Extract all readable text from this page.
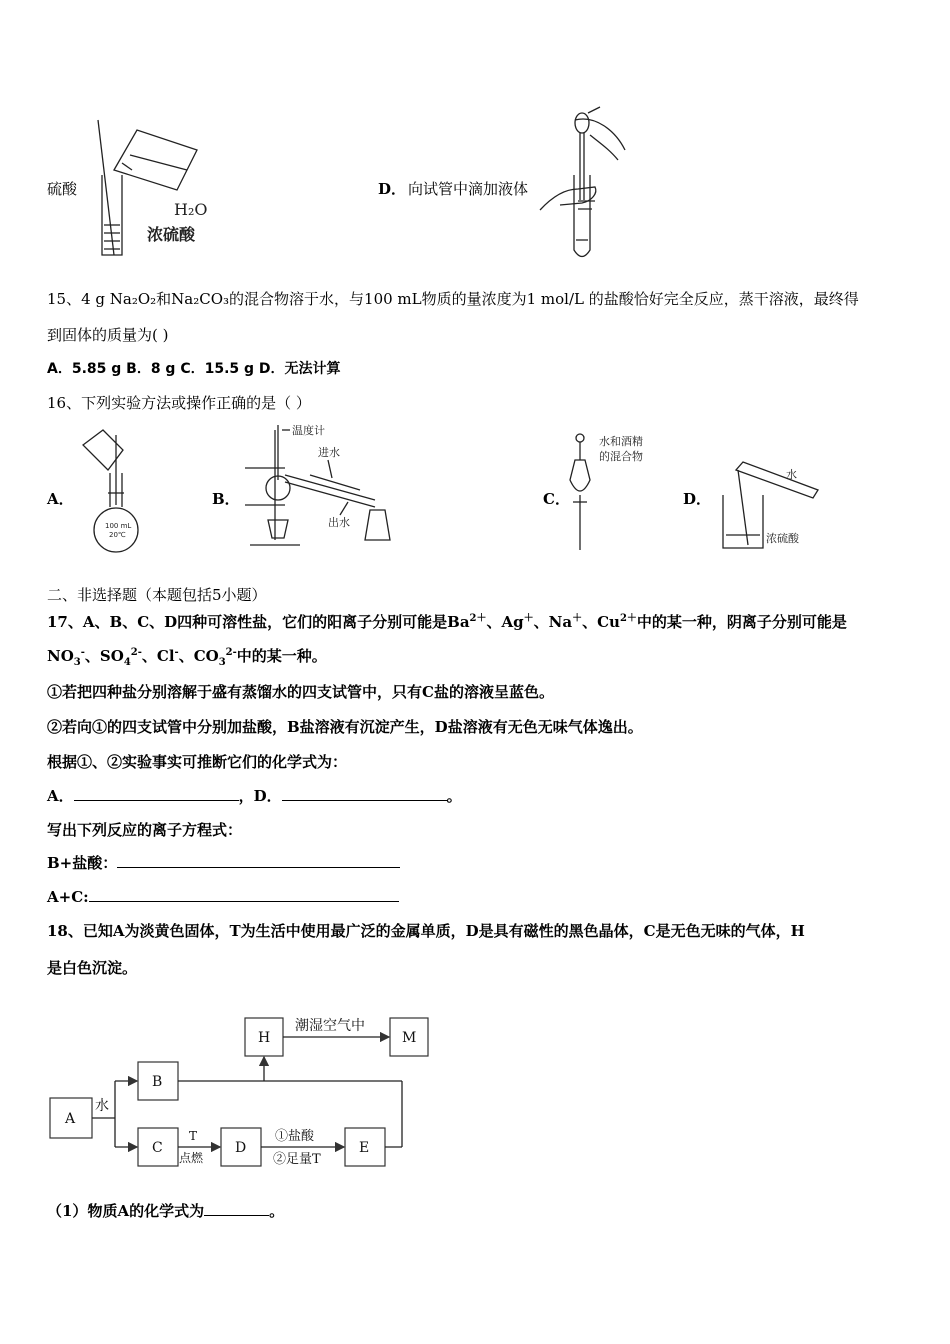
硫酸
H₂O
浓硫酸
D． 向试管中滴加液体
15、4 g Na₂O₂和Na₂CO₃的混合物溶于水，与100 mL物质的量浓度为1 mol/L 的盐酸恰好完全反应，蒸干溶液，最终得
到固体的质量为( )
A．5.85 g B．8 g C．15.5 g D．无法计算
16、下列实验方法或操作正确的是（ ）
A．
100 mL
20℃
B．
温度计
进水
出水
C．
水和酒精
的混合物
D．
水
浓硫酸
二、非选择题（本题包括5小题）
17、A、B、C、D四种可溶性盐，它们的阳离子分别可能是$Ba^{2+}$、Ag＋、Na＋、$Cu^{2+}$中的某一种，阴离子分别可能是
$NO_3^-$、$SO_4^{2-}$、Cl-、$CO_3^{2-}$中的某一种。
①若把四种盐分别溶解于盛有蒸馏水的四支试管中，只有C盐的溶液呈蓝色。
②若向①的四支试管中分别加盐酸，B盐溶液有沉淀产生，D盐溶液有无色无味气体逸出。
根据①、②实验事实可推断它们的化学式为：
A．	，D．	。
写出下列反应的离子方程式：
B+盐酸：
A+C:
18、已知A为淡黄色固体，T为生活中使用最广泛的金属单质，D是具有磁性的黑色晶体，C是无色无味的气体，H
是白色沉淀。
A
B
C	D	E
H	M
水
T
点燃
①盐酸
②足量T
潮湿空气中
（1）物质A的化学式为	。
